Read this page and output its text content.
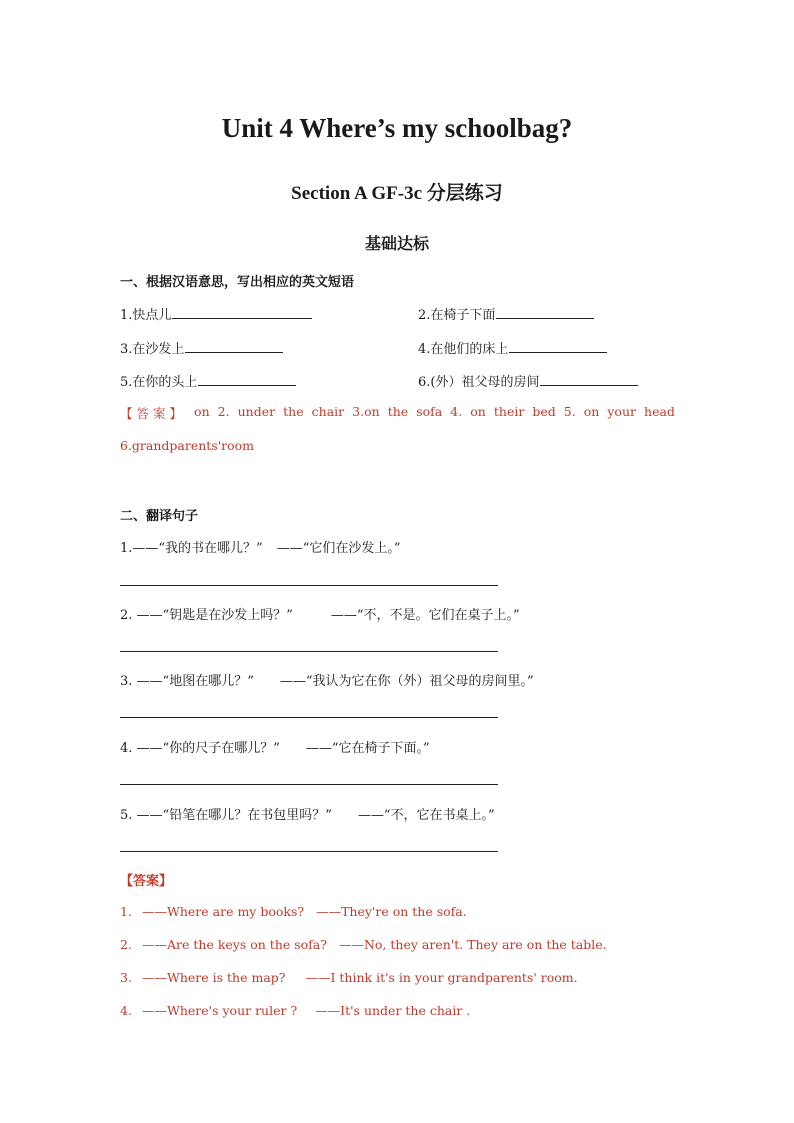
Unit 4 Where’s my schoolbag?
Section A GF-3c 分层练习
基础达标
一、根据汉语意思，写出相应的英文短语
1.快点儿	2.在椅子下面
3.在沙发上	4.在他们的床上
5.在你的头上	6.(外）祖父母的房间
【答案】 on 2. under the chair 3.on the sofa 4. on their bed 5. on your head
6.grandparents'room
二、翻译句子
1.——“我的书在哪儿？” ——“它们在沙发上。”
2. ——“钥匙是在沙发上吗？”	——“不，不是。它们在桌子上。”
3. ——“地图在哪儿？” ——“我认为它在你（外）祖父母的房间里。”
4. ——“你的尺子在哪儿？” ——“它在椅子下面。”
5. ——“铅笔在哪儿？在书包里吗？” ——“不，它在书桌上。”
【答案】
1. ——Where are my books? ——They're on the sofa.
2. ——Are the keys on the sofa? ——No, they aren't. They are on the table.
3. ——Where is the map? ——I think it's in your grandparents' room.
4. ——Where's your ruler ? ——It's under the chair .
